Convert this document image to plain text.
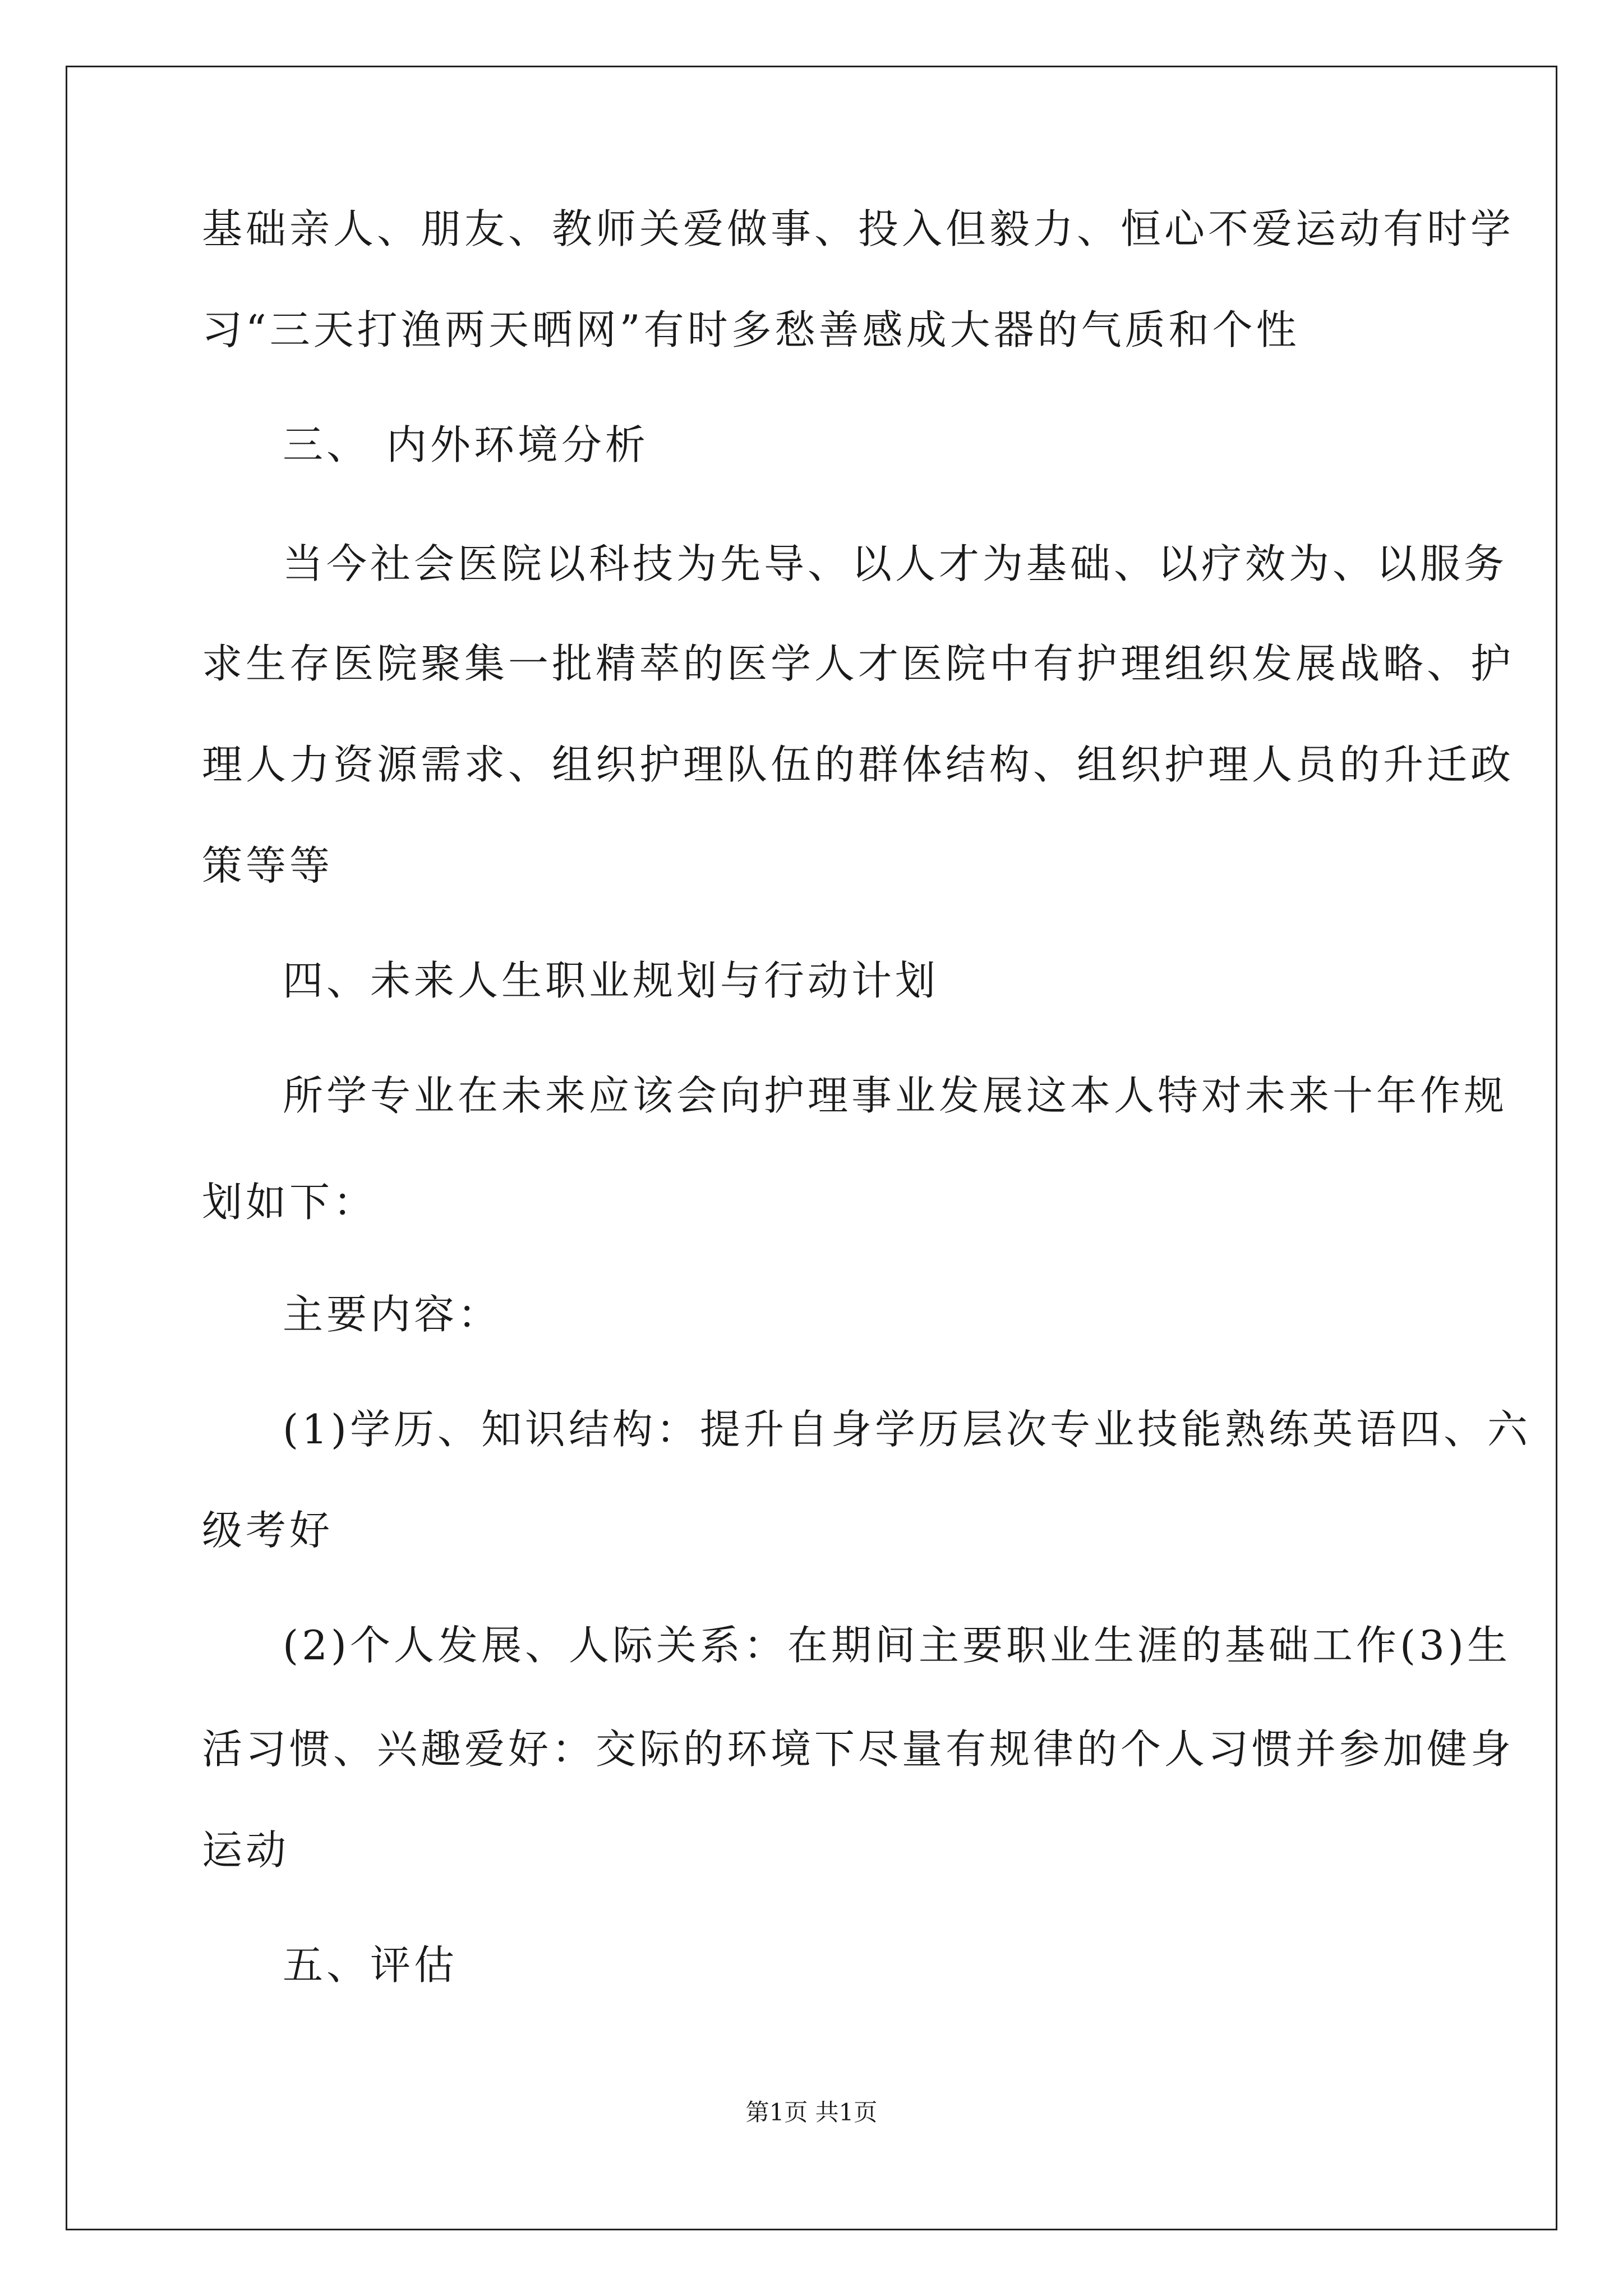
基础亲人、朋友、教师关爱做事、投入但毅力、恒心不爱运动有时学
习“三天打渔两天晒网”有时多愁善感成大器的气质和个性
三、 内外环境分析
当今社会医院以科技为先导、以人才为基础、以疗效为、以服务
求生存医院聚集一批精萃的医学人才医院中有护理组织发展战略、护
理人力资源需求、组织护理队伍的群体结构、组织护理人员的升迁政
策等等
四、未来人生职业规划与行动计划
所学专业在未来应该会向护理事业发展这本人特对未来十年作规
划如下：
主要内容：
(1)学历、知识结构：提升自身学历层次专业技能熟练英语四、六
级考好
(2)个人发展、人际关系：在期间主要职业生涯的基础工作(3)生
活习惯、兴趣爱好：交际的环境下尽量有规律的个人习惯并参加健身
运动
五、评估
第1页 共1页
